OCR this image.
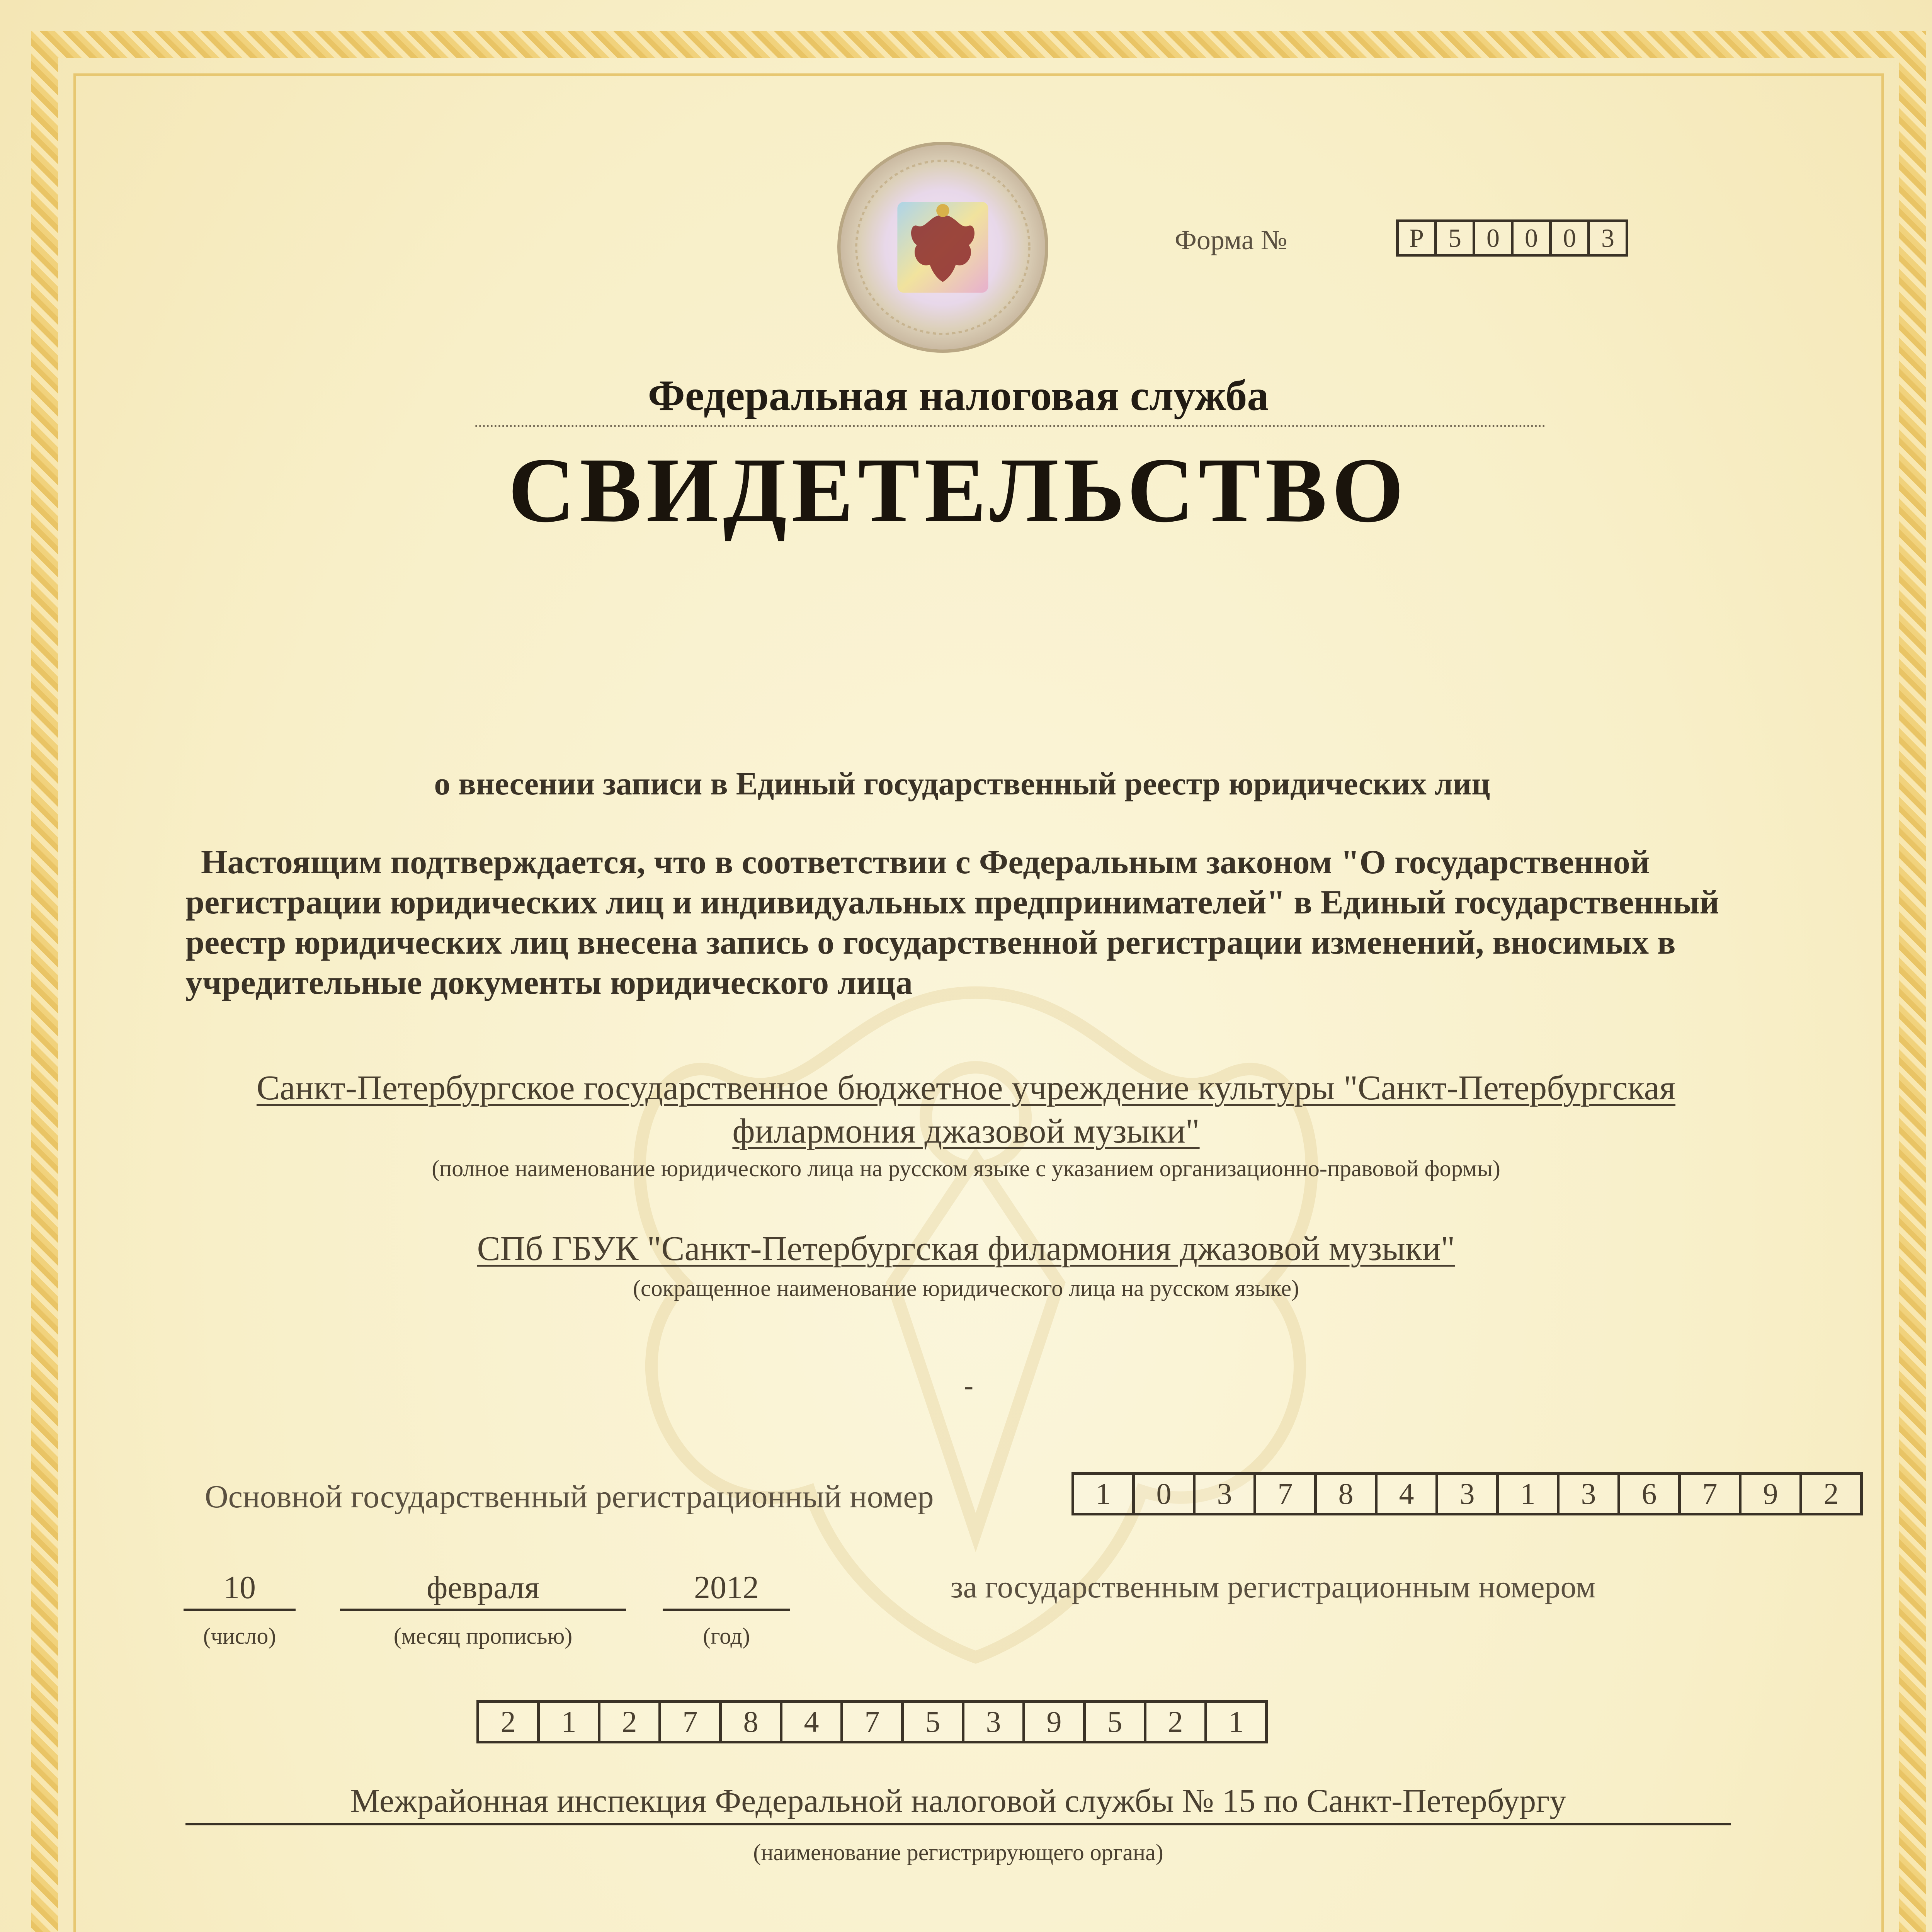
Форма №	Р 5 0 0 0 3
Федеральная налоговая служба
СВИДЕТЕЛЬСТВО
о внесении записи в Единый государственный реестр юридических лиц
Настоящим подтверждается, что в соответствии с Федеральным законом "О государственной регистрации юридических лиц и индивидуальных предпринимателей" в Единый государственный реестр юридических лиц внесена запись о государственной регистрации изменений, вносимых в учредительные документы юридического лица
Санкт-Петербургское государственное бюджетное учреждение культуры "Санкт-Петербургская филармония джазовой музыки"
(полное наименование юридического лица на русском языке с указанием организационно-правовой формы)
СПб ГБУК "Санкт-Петербургская филармония джазовой музыки"
(сокращенное наименование юридического лица на русском языке)
-
Основной государственный регистрационный номер	1	0	3	7	8	4	3	1	3	6	7	9	2
10	февраля	2012
(число)	(месяц прописью)	(год)
за государственным регистрационным номером
2	1	2	7	8	4	7	5	3	9	5	2	1
Межрайонная инспекция Федеральной налоговой службы № 15 по Санкт-Петербургу
(наименование регистрирующего органа)
